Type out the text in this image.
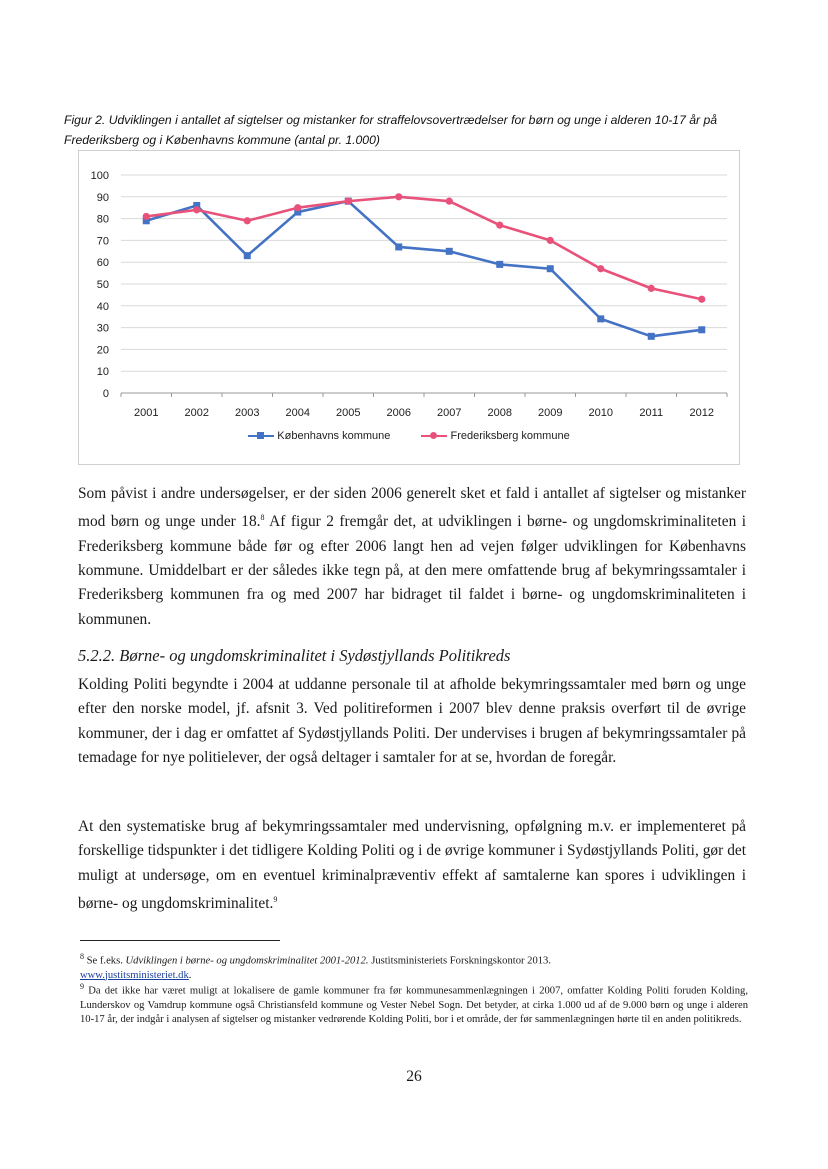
Figur 2. Udviklingen i antallet af sigtelser og mistanker for straffelovsovertrædelser for børn og unge i alderen 10-17 år på Frederiksberg og i Københavns kommune (antal pr. 1.000)
0
10
20
30
40
50
60
70
80
90
100
2001 2002 2003 2004 2005 2006 2007 2008 2009 2010 2011 2012
Københavns kommune	Frederiksberg kommune

Som påvist i andre undersøgelser, er der siden 2006 generelt sket et fald i antallet af sigtelser og mistanker mod børn og unge under 18.$^8$ Af figur 2 fremgår det, at udviklingen i børne- og ungdomskriminaliteten i Frederiksberg kommune både før og efter 2006 langt hen ad vejen følger udviklingen for Københavns kommune. Umiddelbart er der således ikke tegn på, at den mere omfattende brug af bekymringssamtaler i Frederiksberg kommunen fra og med 2007 har bidraget til faldet i børne- og ungdomskriminaliteten i kommunen.

5.2.2. Børne- og ungdomskriminalitet i Sydøstjyllands Politikreds

Kolding Politi begyndte i 2004 at uddanne personale til at afholde bekymringssamtaler med børn og unge efter den norske model, jf. afsnit 3. Ved politireformen i 2007 blev denne praksis overført til de øvrige kommuner, der i dag er omfattet af Sydøstjyllands Politi. Der undervises i brugen af bekymringssamtaler på temadage for nye politielever, der også deltager i samtaler for at se, hvordan de foregår.

At den systematiske brug af bekymringssamtaler med undervisning, opfølgning m.v. er implementeret på forskellige tidspunkter i det tidligere Kolding Politi og i de øvrige kommuner i Sydøstjyllands Politi, gør det muligt at undersøge, om en eventuel kriminalpræventiv effekt af samtalerne kan spores i udviklingen i børne- og ungdomskriminalitet.$^9$

$^8$ Se f.eks. Udviklingen i børne- og ungdomskriminalitet 2001-2012. Justitsministeriets Forskningskontor 2013.
www.justitsministeriet.dk.

$^9$ Da det ikke har været muligt at lokalisere de gamle kommuner fra før kommunesammenlægningen i 2007, omfatter Kolding Politi foruden Kolding, Lunderskov og Vamdrup kommune også Christiansfeld kommune og Vester Nebel Sogn. Det betyder, at cirka 1.000 ud af de 9.000 børn og unge i alderen 10-17 år, der indgår i analysen af sigtelser og mistanker vedrørende Kolding Politi, bor i et område, der før sammenlægningen hørte til en anden politikreds.

26
